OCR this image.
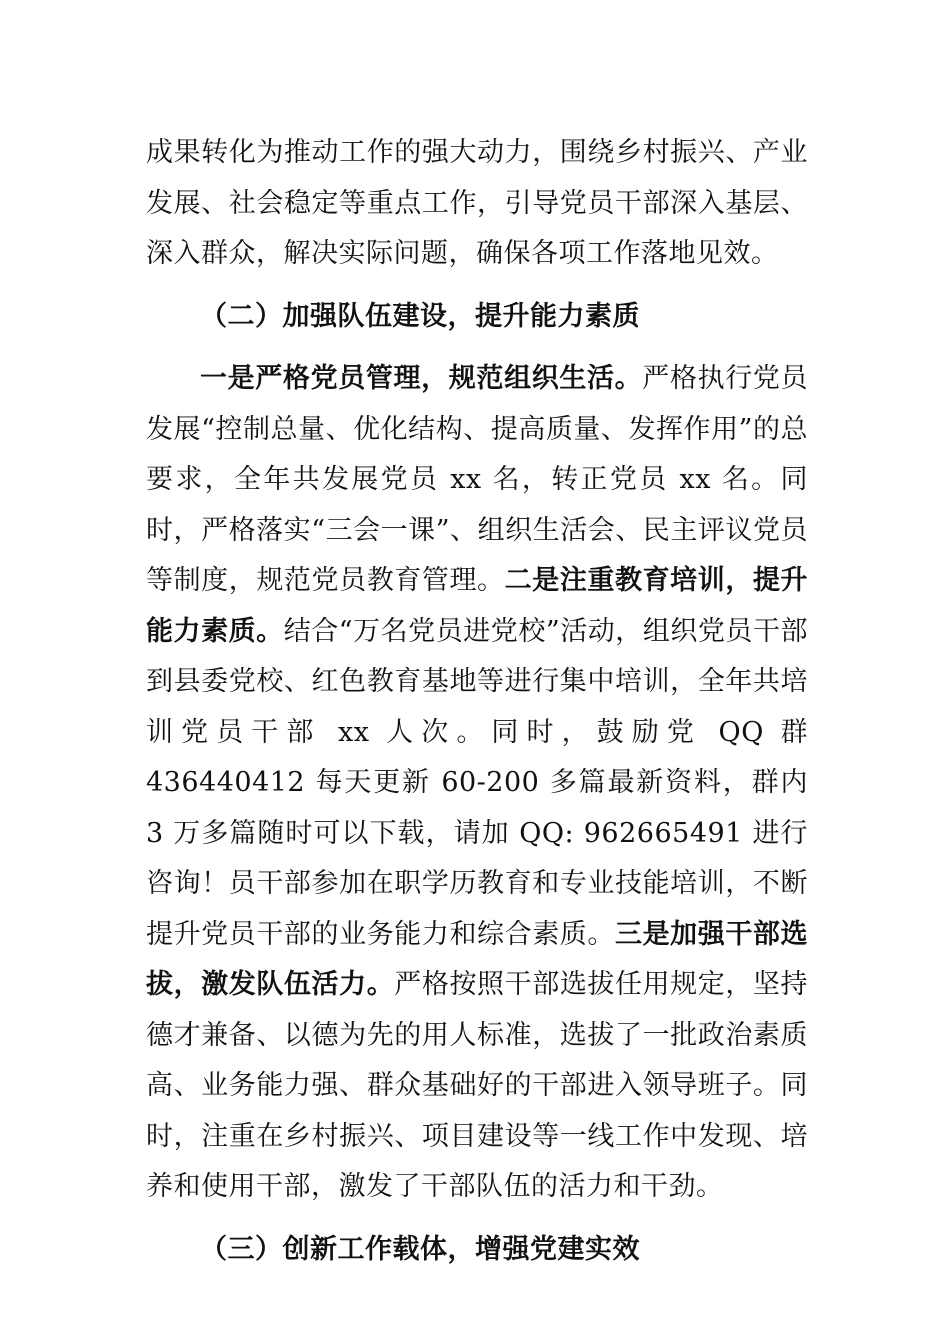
成果转化为推动工作的强大动力，围绕乡村振兴、产业发展、社会稳定等重点工作，引导党员干部深入基层、深入群众，解决实际问题，确保各项工作落地见效。

（二）加强队伍建设，提升能力素质

一是严格党员管理，规范组织生活。严格执行党员发展“控制总量、优化结构、提高质量、发挥作用”的总要求，全年共发展党员 xx 名，转正党员 xx 名。同时，严格落实“三会一课”、组织生活会、民主评议党员等制度，规范党员教育管理。二是注重教育培训，提升能力素质。结合“万名党员进党校”活动，组织党员干部到县委党校、红色教育基地等进行集中培训，全年共培训党员干部 xx 人次。同时，鼓励党 QQ 群 436440412 每天更新 60-200 多篇最新资料，群内 3 万多篇随时可以下载，请加 QQ: 962665491 进行咨询！员干部参加在职学历教育和专业技能培训，不断提升党员干部的业务能力和综合素质。三是加强干部选拔，激发队伍活力。严格按照干部选拔任用规定，坚持德才兼备、以德为先的用人标准，选拔了一批政治素质高、业务能力强、群众基础好的干部进入领导班子。同时，注重在乡村振兴、项目建设等一线工作中发现、培养和使用干部，激发了干部队伍的活力和干劲。

（三）创新工作载体，增强党建实效
